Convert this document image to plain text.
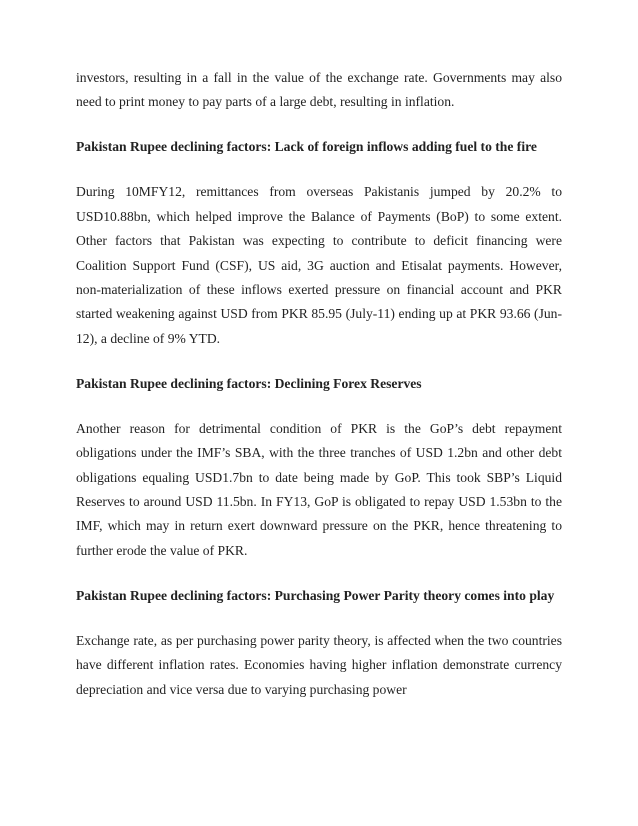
investors, resulting in a fall in the value of the exchange rate. Governments may also need to print money to pay parts of a large debt, resulting in inflation.

Pakistan Rupee declining factors: Lack of foreign inflows adding fuel to the fire

During 10MFY12, remittances from overseas Pakistanis jumped by 20.2% to USD10.88bn, which helped improve the Balance of Payments (BoP) to some extent. Other factors that Pakistan was expecting to contribute to deficit financing were Coalition Support Fund (CSF), US aid, 3G auction and Etisalat payments. However, non-materialization of these inflows exerted pressure on financial account and PKR started weakening against USD from PKR 85.95 (July-11) ending up at PKR 93.66 (Jun-12), a decline of 9% YTD.

Pakistan Rupee declining factors: Declining Forex Reserves

Another reason for detrimental condition of PKR is the GoP’s debt repayment obligations under the IMF’s SBA, with the three tranches of USD 1.2bn and other debt obligations equaling USD1.7bn to date being made by GoP. This took SBP’s Liquid Reserves to around USD 11.5bn. In FY13, GoP is obligated to repay USD 1.53bn to the IMF, which may in return exert downward pressure on the PKR, hence threatening to further erode the value of PKR.

Pakistan Rupee declining factors: Purchasing Power Parity theory comes into play

Exchange rate, as per purchasing power parity theory, is affected when the two countries have different inflation rates. Economies having higher inflation demonstrate currency depreciation and vice versa due to varying purchasing power
